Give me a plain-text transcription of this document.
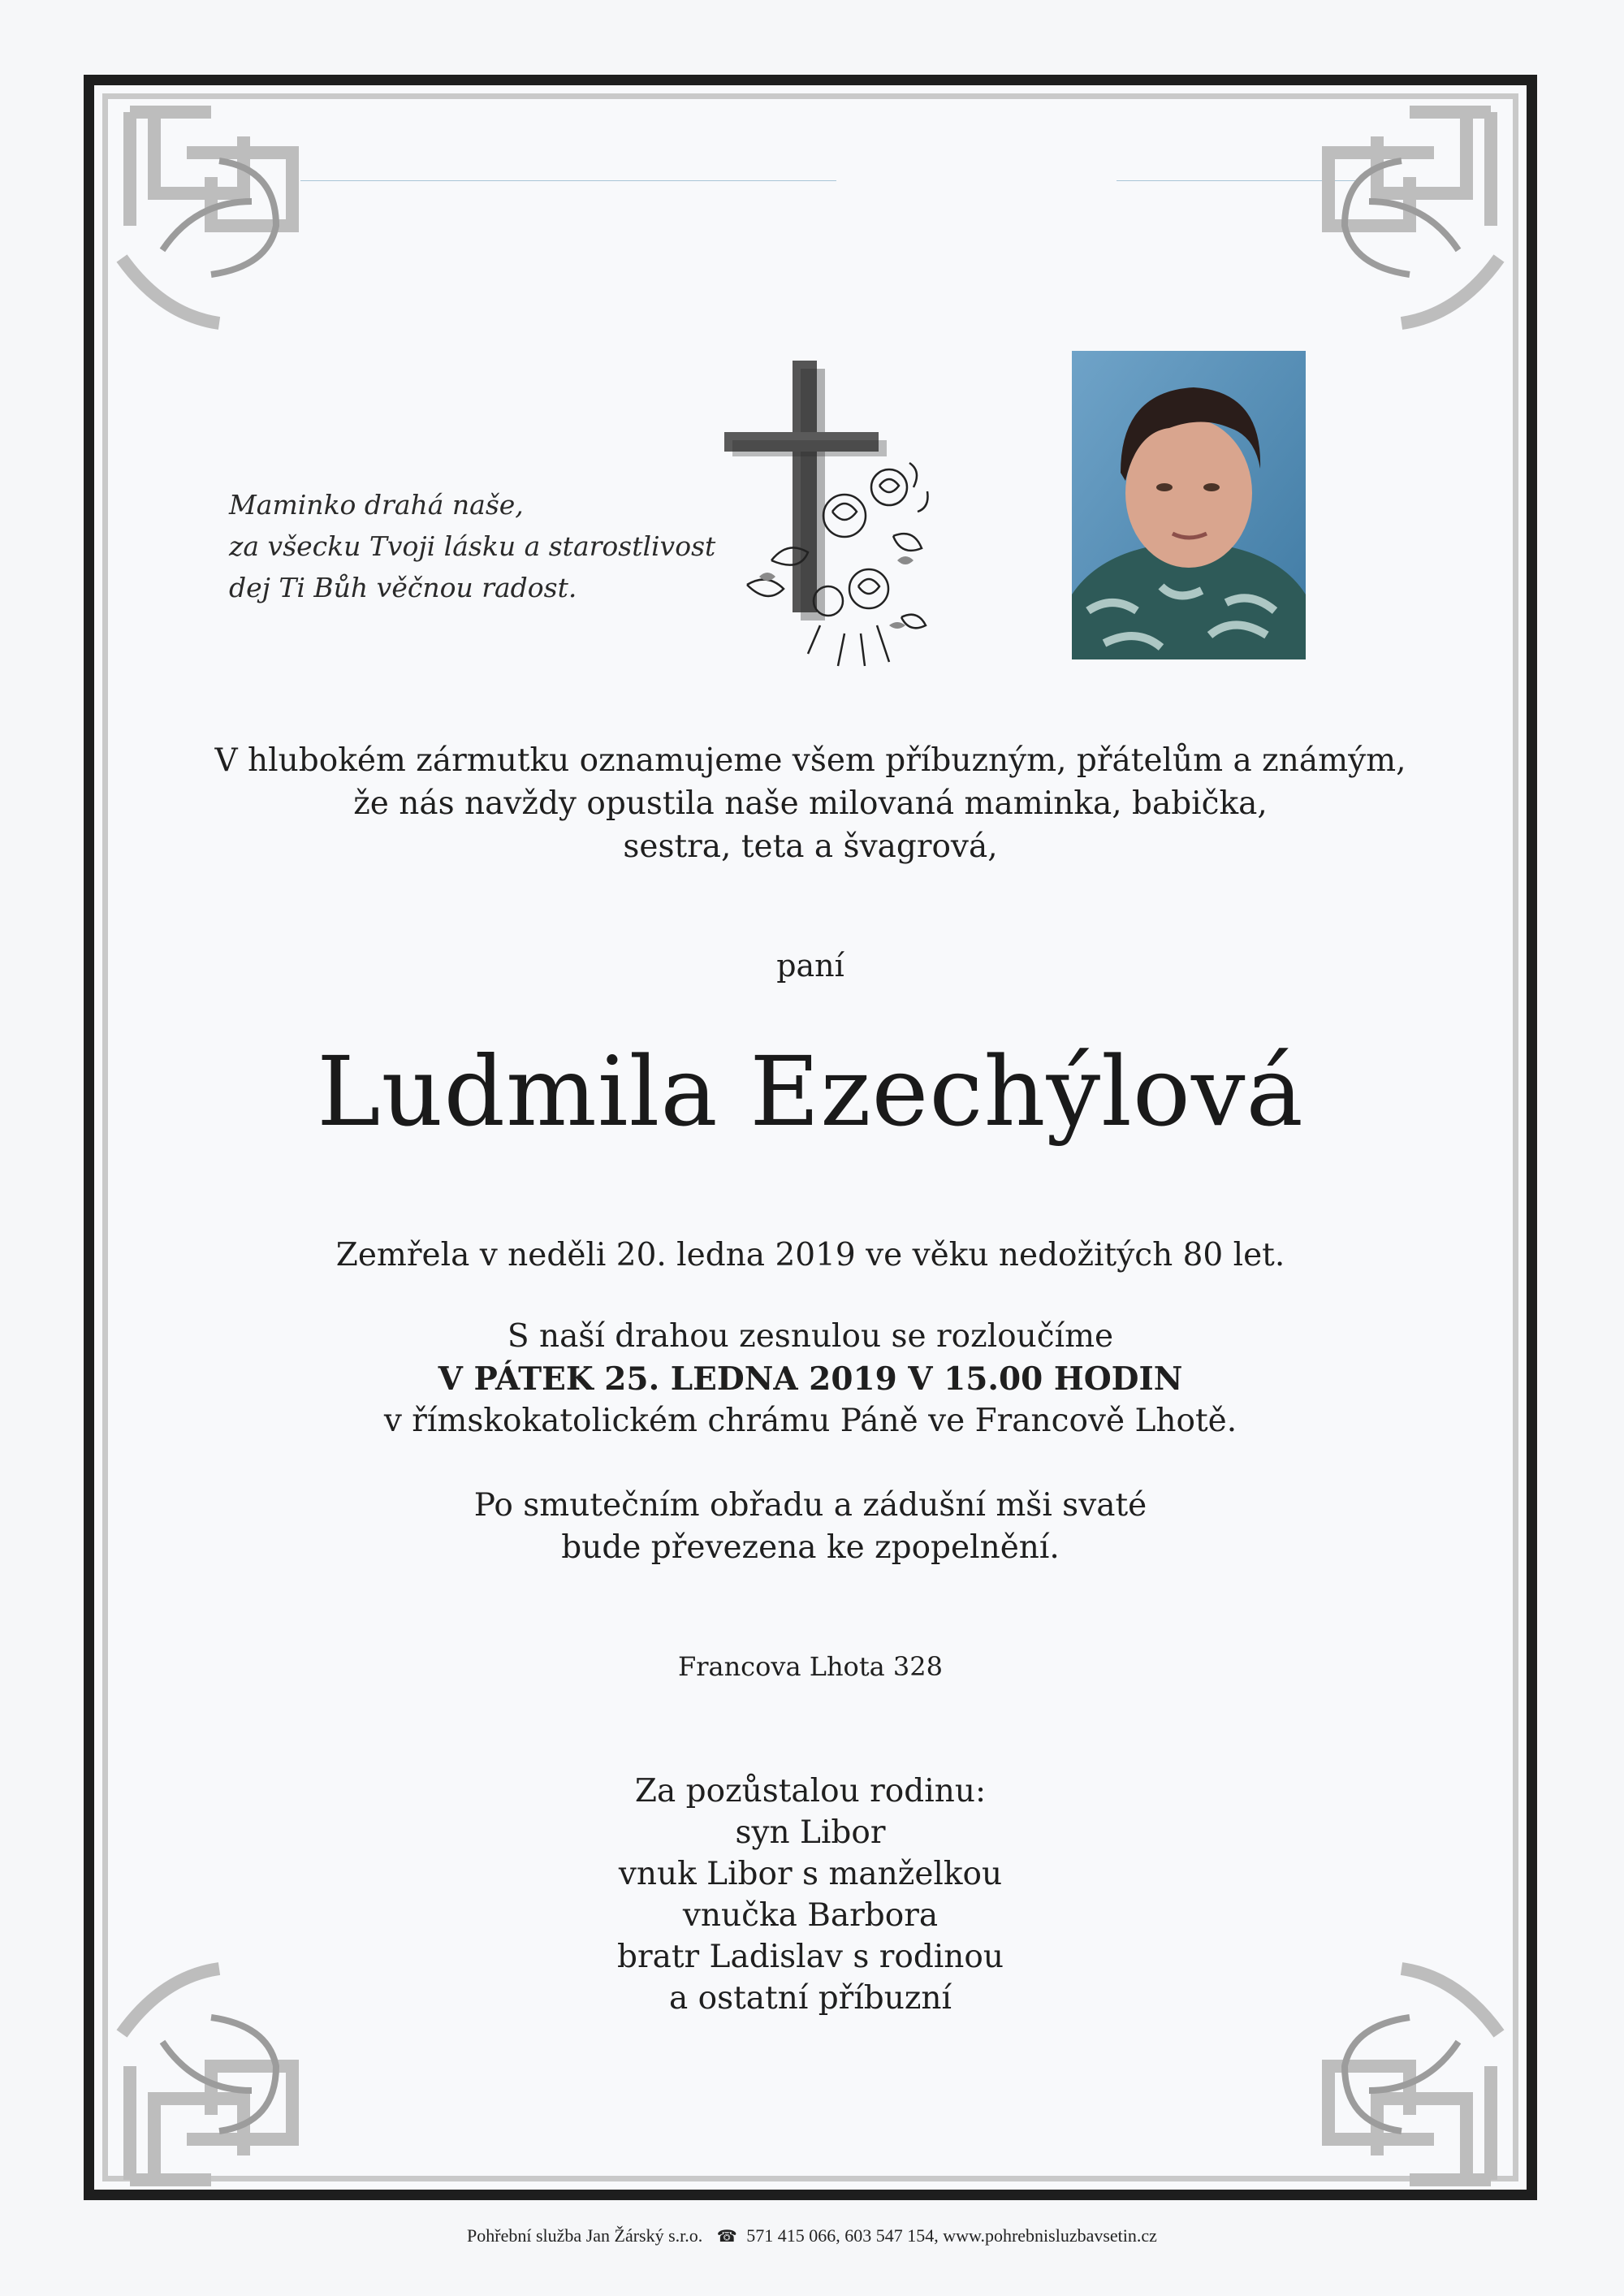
Maminko drahá naše,
za všecku Tvoji lásku a starostlivost
dej Ti Bůh věčnou radost.
V hlubokém zármutku oznamujeme všem příbuzným, přátelům a známým,
že nás navždy opustila naše milovaná maminka, babička,
sestra, teta a švagrová,
paní
Ludmila Ezechýlová
Zemřela v neděli 20. ledna 2019 ve věku nedožitých 80 let.
S naší drahou zesnulou se rozloučíme
V PÁTEK 25. LEDNA 2019 V 15.00 HODIN
v římskokatolickém chrámu Páně ve Francově Lhotě.
Po smutečním obřadu a zádušní mši svaté
bude převezena ke zpopelnění.
Francova Lhota 328
Za pozůstalou rodinu:
syn Libor
vnuk Libor s manželkou
vnučka Barbora
bratr Ladislav s rodinou
a ostatní příbuzní
Pohřební služba Jan Žárský s.r.o. ☎ 571 415 066, 603 547 154, www.pohrebnisluzbavsetin.cz
